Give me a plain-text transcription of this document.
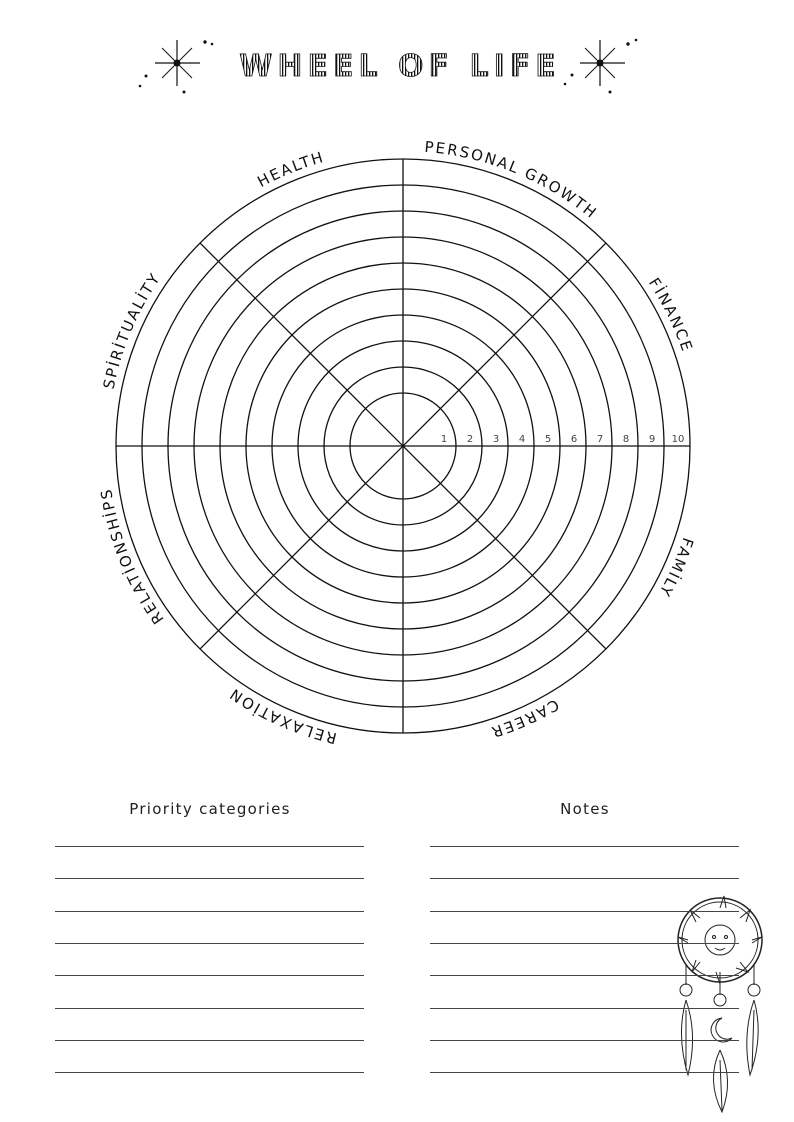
WHEEL OF LIFE
1 2 3 4 5 6 7 8 9 10
HEALTH
PERSONAL GROWTH
FİNANCE
FAMİLY
CAREER
RELAXATİON
RELATİONSHİPS
SPİRİTUALİTY
Priority categories	Notes
